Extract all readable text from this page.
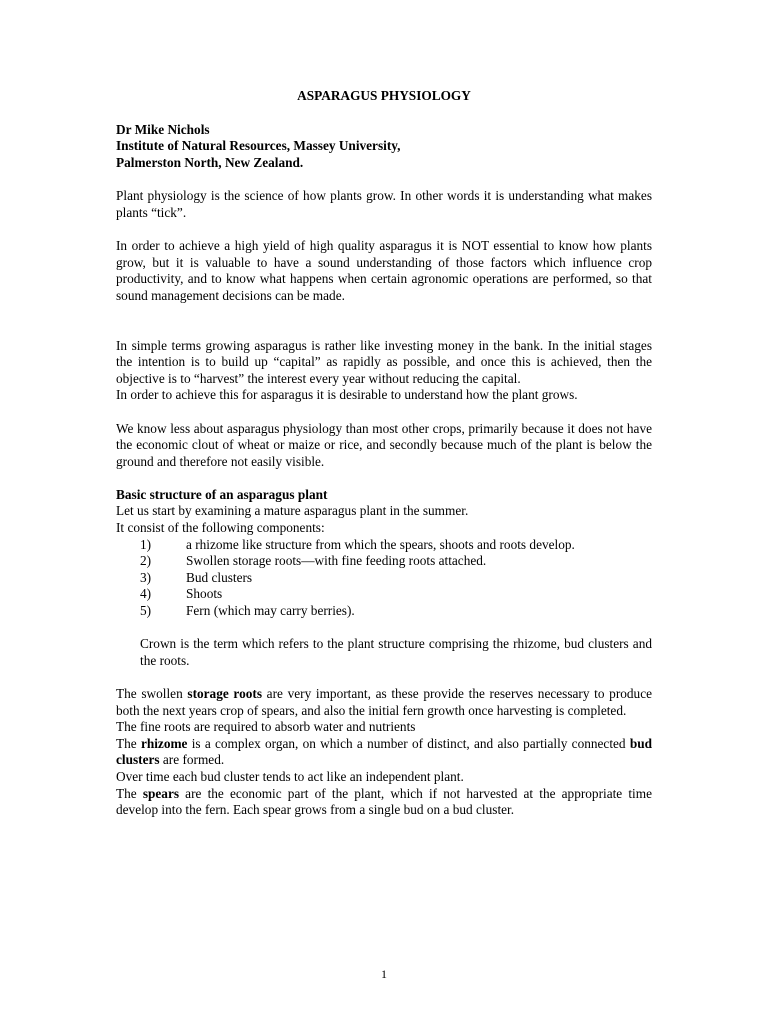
ASPARAGUS PHYSIOLOGY
Dr Mike Nichols
Institute of Natural Resources, Massey University,
Palmerston North, New Zealand.

Plant physiology is the science of how plants grow. In other words it is understanding what makes plants “tick”.

In order to achieve a high yield of high quality asparagus it is NOT essential to know how plants grow, but it is valuable to have a sound understanding of those factors which influence crop productivity, and to know what happens when certain agronomic operations are performed, so that sound management decisions can be made.

In simple terms growing asparagus is rather like investing money in the bank. In the initial stages the intention is to build up “capital” as rapidly as possible, and once this is achieved, then the objective is to “harvest” the interest every year without reducing the capital.

In order to achieve this for asparagus it is desirable to understand how the plant grows.

We know less about asparagus physiology than most other crops, primarily because it does not have the economic clout of wheat or maize or rice, and secondly because much of the plant is below the ground and therefore not easily visible.

Basic structure of an asparagus plant

Let us start by examining a mature asparagus plant in the summer.

It consist of the following components:

1)	a rhizome like structure from which the spears, shoots and roots develop.
2)	Swollen storage roots—with fine feeding roots attached.
3)	Bud clusters
4)	Shoots
5)	Fern (which may carry berries).

Crown is the term which refers to the plant structure comprising the rhizome, bud clusters and the roots.

The swollen storage roots are very important, as these provide the reserves necessary to produce both the next years crop of spears, and also the initial fern growth once harvesting is completed.

The fine roots are required to absorb water and nutrients

The rhizome is a complex organ, on which a number of distinct, and also partially connected bud clusters are formed.

Over time each bud cluster tends to act like an independent plant.

The spears are the economic part of the plant, which if not harvested at the appropriate time develop into the fern. Each spear grows from a single bud on a bud cluster.

1
